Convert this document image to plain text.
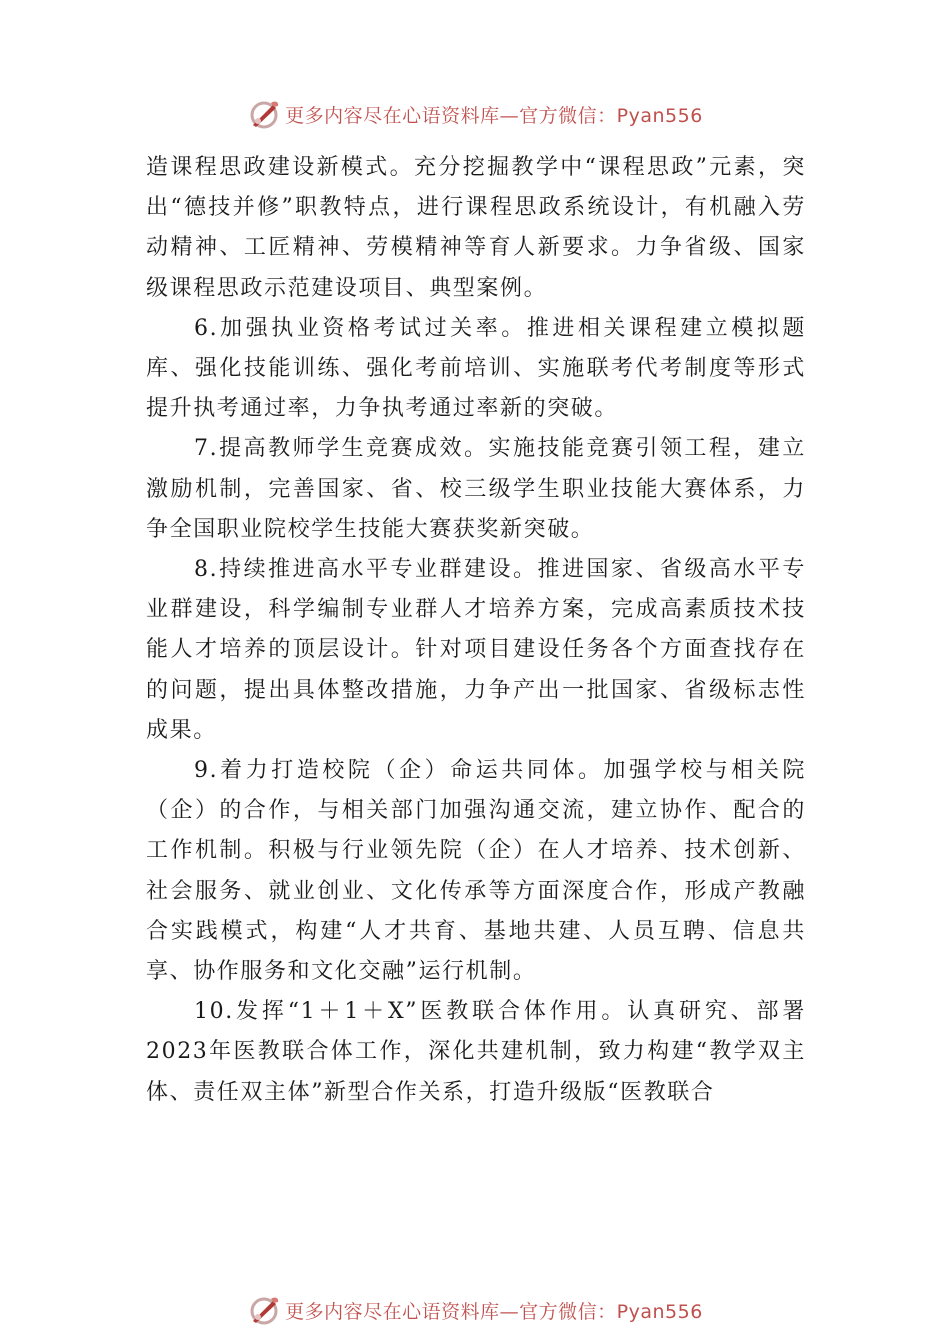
更多内容尽在心语资料库—官方微信：Pyan556

造课程思政建设新模式。充分挖掘教学中“课程思政”元素，突出“德技并修”职教特点，进行课程思政系统设计，有机融入劳动精神、工匠精神、劳模精神等育人新要求。力争省级、国家级课程思政示范建设项目、典型案例。

6.加强执业资格考试过关率。推进相关课程建立模拟题库、强化技能训练、强化考前培训、实施联考代考制度等形式提升执考通过率，力争执考通过率新的突破。

7.提高教师学生竞赛成效。实施技能竞赛引领工程，建立激励机制，完善国家、省、校三级学生职业技能大赛体系，力争全国职业院校学生技能大赛获奖新突破。

8.持续推进高水平专业群建设。推进国家、省级高水平专业群建设，科学编制专业群人才培养方案，完成高素质技术技能人才培养的顶层设计。针对项目建设任务各个方面查找存在的问题，提出具体整改措施，力争产出一批国家、省级标志性成果。

9.着力打造校院（企）命运共同体。加强学校与相关院（企）的合作，与相关部门加强沟通交流，建立协作、配合的工作机制。积极与行业领先院（企）在人才培养、技术创新、社会服务、就业创业、文化传承等方面深度合作，形成产教融合实践模式，构建“人才共育、基地共建、人员互聘、信息共享、协作服务和文化交融”运行机制。

10.发挥“1＋1＋X”医教联合体作用。认真研究、部署2023年医教联合体工作，深化共建机制，致力构建“教学双主体、责任双主体”新型合作关系，打造升级版“医教联合

更多内容尽在心语资料库—官方微信：Pyan556
